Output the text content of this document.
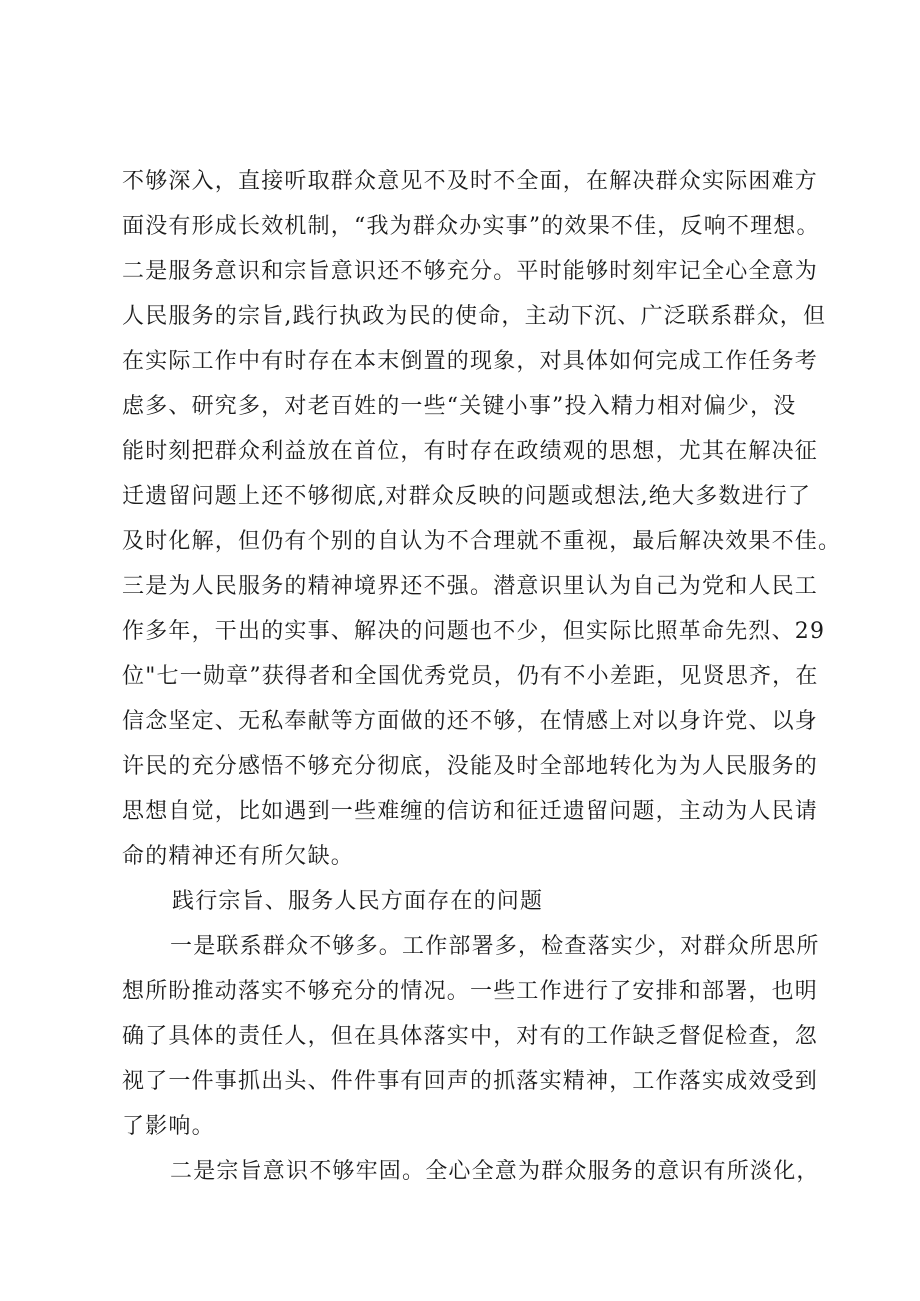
不够深入，直接听取群众意见不及时不全面，在解决群众实际困难方
面没有形成长效机制，“我为群众办实事”的效果不佳，反响不理想。
二是服务意识和宗旨意识还不够充分。平时能够时刻牢记全心全意为
人民服务的宗旨,践行执政为民的使命，主动下沉、广泛联系群众，但
在实际工作中有时存在本末倒置的现象，对具体如何完成工作任务考
虑多、研究多，对老百姓的一些“关键小事”投入精力相对偏少，没
能时刻把群众利益放在首位，有时存在政绩观的思想，尤其在解决征
迁遗留问题上还不够彻底,对群众反映的问题或想法,绝大多数进行了
及时化解，但仍有个别的自认为不合理就不重视，最后解决效果不佳。
三是为人民服务的精神境界还不强。潜意识里认为自己为党和人民工
作多年，干出的实事、解决的问题也不少，但实际比照革命先烈、29
位"七一勋章”获得者和全国优秀党员，仍有不小差距，见贤思齐，在
信念坚定、无私奉献等方面做的还不够，在情感上对以身许党、以身
许民的充分感悟不够充分彻底，没能及时全部地转化为为人民服务的
思想自觉，比如遇到一些难缠的信访和征迁遗留问题，主动为人民请
命的精神还有所欠缺。
践行宗旨、服务人民方面存在的问题
一是联系群众不够多。工作部署多，检查落实少，对群众所思所
想所盼推动落实不够充分的情况。一些工作进行了安排和部署，也明
确了具体的责任人，但在具体落实中，对有的工作缺乏督促检查，忽
视了一件事抓出头、件件事有回声的抓落实精神，工作落实成效受到
了影响。
二是宗旨意识不够牢固。全心全意为群众服务的意识有所淡化，
